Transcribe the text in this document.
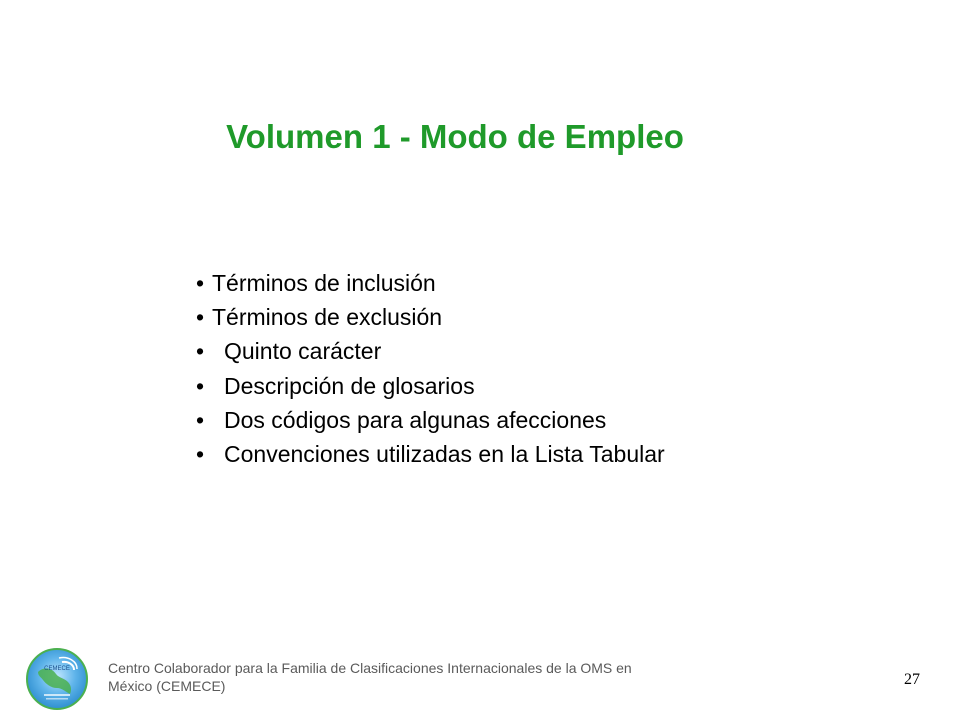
Volumen 1 - Modo de Empleo
• Términos de inclusión
• Términos de exclusión
• Quinto carácter
• Descripción de glosarios
• Dos códigos para algunas afecciones
• Convenciones utilizadas en la Lista Tabular
CEMECE	Centro Colaborador para la Familia de Clasificaciones Internacionales de la OMS en México (CEMECE)	27
